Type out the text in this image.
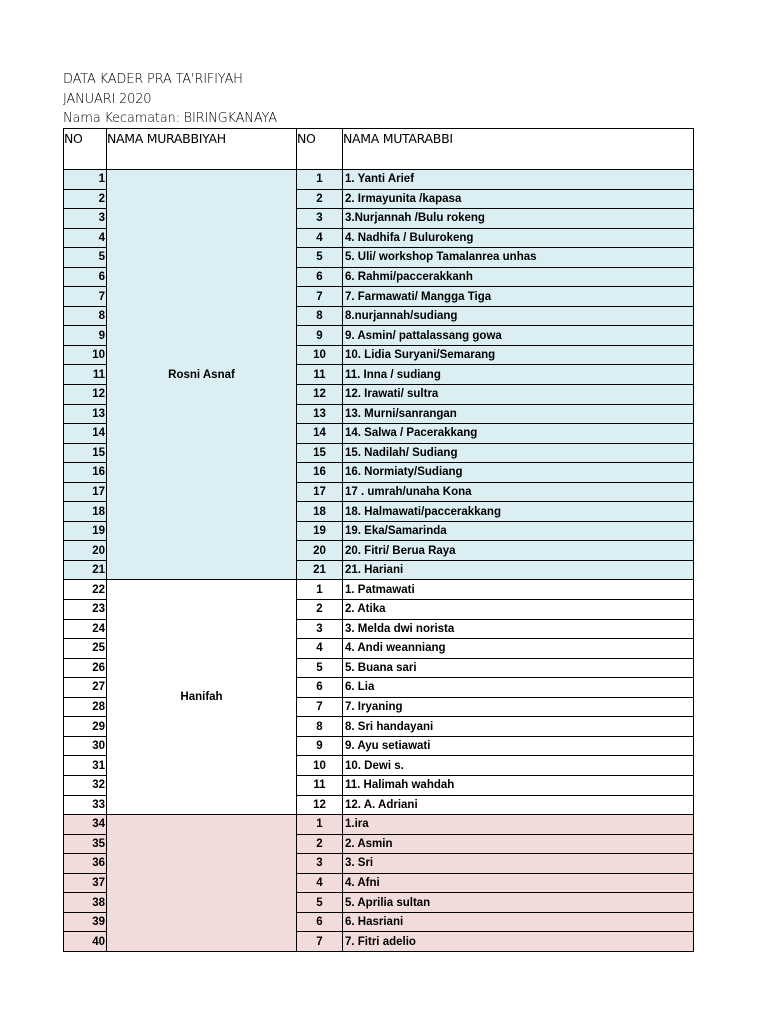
DATA KADER PRA TA'RIFIYAH
JANUARI 2020
Nama Kecamatan: BIRINGKANAYA
NO	NAMA MURABBIYAH	NO	NAMA MUTARABBI
1	Rosni Asnaf	1	1. Yanti Arief
2		2	2. Irmayunita /kapasa
3		3	3.Nurjannah /Bulu rokeng
4		4	4. Nadhifa / Bulurokeng
5		5	5. Uli/ workshop Tamalanrea unhas
6		6	6. Rahmi/paccerakkanh
7		7	7. Farmawati/ Mangga Tiga
8		8	8.nurjannah/sudiang
9		9	9. Asmin/ pattalassang gowa
10		10	10. Lidia Suryani/Semarang
11		11	11. Inna / sudiang
12		12	12. Irawati/ sultra
13		13	13. Murni/sanrangan
14		14	14. Salwa / Pacerakkang
15		15	15. Nadilah/ Sudiang
16		16	16. Normiaty/Sudiang
17		17	17 . umrah/unaha Kona
18		18	18. Halmawati/paccerakkang
19		19	19. Eka/Samarinda
20		20	20. Fitri/ Berua Raya
21		21	21. Hariani
22	Hanifah	1	1. Patmawati
23		2	2. Atika
24		3	3. Melda dwi norista
25		4	4. Andi weanniang
26		5	5. Buana sari
27		6	6. Lia
28		7	7. Iryaning
29		8	8. Sri handayani
30		9	9. Ayu setiawati
31		10	10. Dewi s.
32		11	11. Halimah wahdah
33		12	12. A. Adriani
34		1	1.ira
35		2	2. Asmin
36		3	3. Sri
37		4	4. Afni
38		5	5. Aprilia sultan
39		6	6. Hasriani
40		7	7. Fitri adelio
